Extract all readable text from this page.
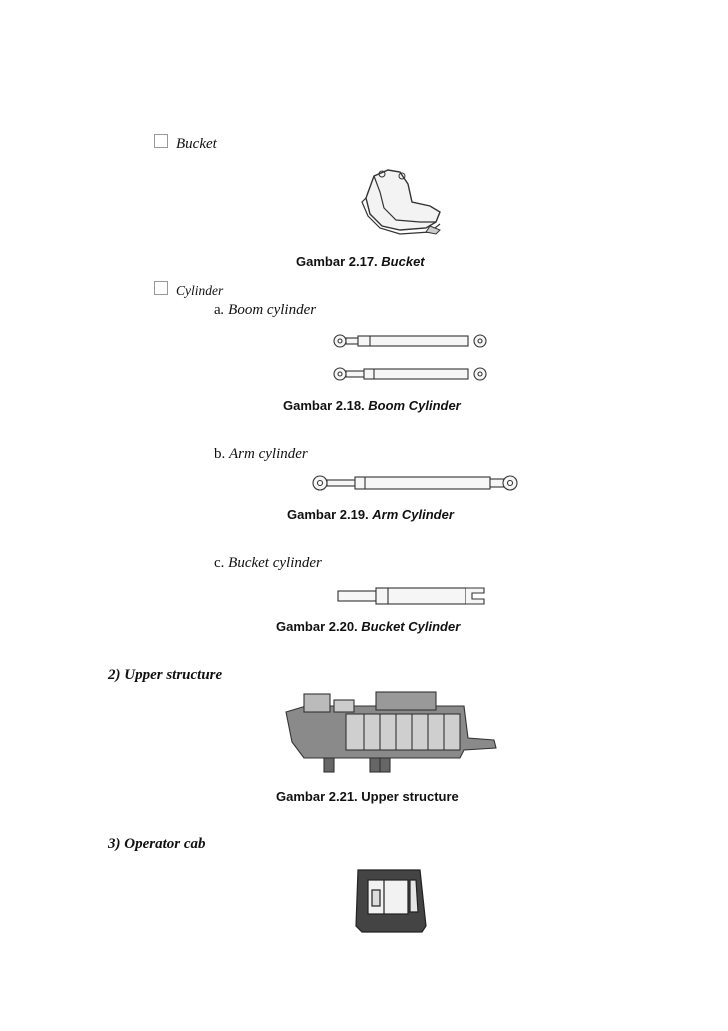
Bucket
Gambar 2.17. Bucket
Cylinder
a. Boom cylinder
Gambar 2.18. Boom Cylinder
b. Arm cylinder
Gambar 2.19. Arm Cylinder
c. Bucket cylinder
Gambar 2.20. Bucket Cylinder
2) Upper structure
Gambar 2.21. Upper structure
3) Operator cab
